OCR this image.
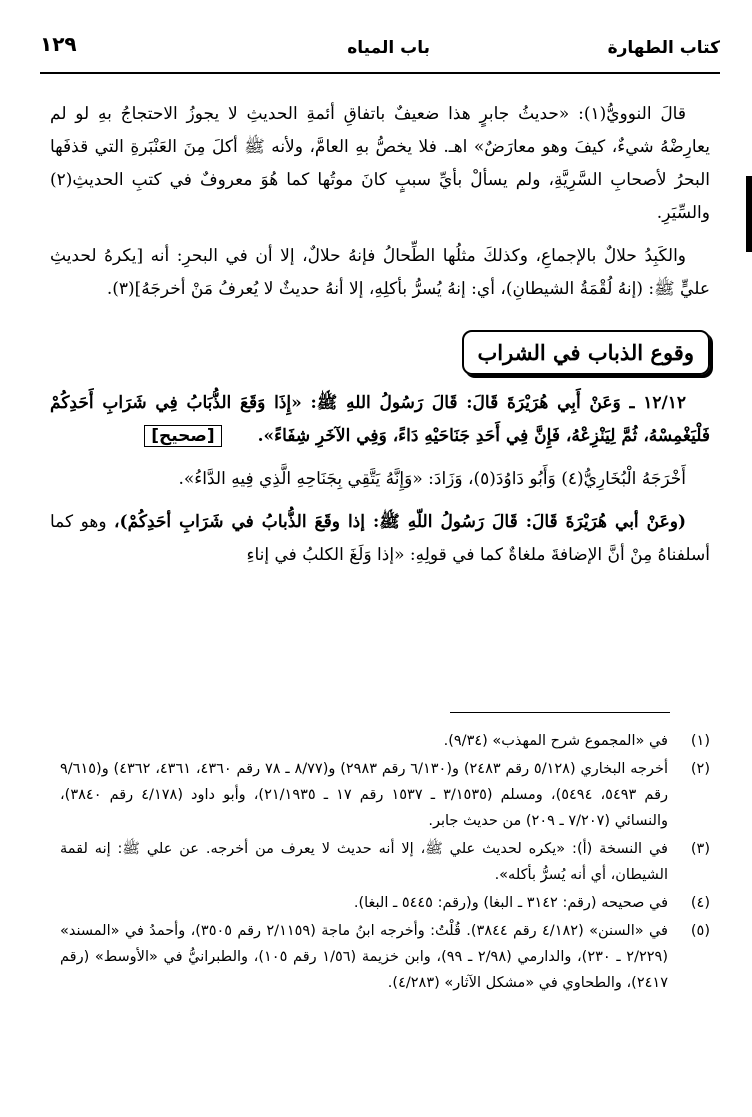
كتاب الطهارة
باب المياه
١٢٩

قالَ النوويُّ(١): «حديثُ جابرٍ هذا ضعيفٌ باتفاقِ أئمةِ الحديثِ لا يجوزُ الاحتجاجُ بهِ لو لم يعارِضْهُ شيءٌ، كيفَ وهو معارَضٌ» اهـ. فلا يخصُّ بهِ العامَّ، ولأنه ﷺ أكلَ مِنَ العَنْبَرةِ التي قذفَها البحرُ لأصحابِ السَّرِيَّةِ، ولم يسألْ بأيِّ سببٍ كانَ موتُها كما هُوَ معروفٌ في كتبِ الحديثِ(٢) والسِّيَرِ.

والكَبِدُ حلالٌ بالإجماعِ، وكذلكَ مثلُها الطِّحالُ فإنهُ حلالٌ، إلا أن في البحرِ: أنه [يكرهُ لحديثِ عليٍّ ﷺ: (إنهُ لُقْمَةُ الشيطانِ)، أي: إنهُ يُسرُّ بأكلِهِ، إلا أنهُ حديثٌ لا يُعرفُ مَنْ أخرجَهُ](٣).

وقوع الذباب في الشراب

١٢/١٢ ـ وَعَنْ أَبِي هُرَيْرَةَ قَالَ: قَالَ رَسُولُ اللهِ ﷺ: «إِذَا وَقَعَ الذُّبَابُ فِي شَرَابِ أَحَدِكُمْ فَلْيَغْمِسْهُ، ثُمَّ لِيَنْزِعْهُ، فَإِنَّ فِي أَحَدِ جَنَاحَيْهِ دَاءً، وَفِي الآخَرِ شِفَاءً». [صحيح]

أَخْرَجَهُ الْبُخَارِيُّ(٤) وَأَبُو دَاوُدَ(٥)، وَزَادَ: «وَإِنَّهُ يَتَّقِي بِجَنَاحِهِ الَّذِي فِيهِ الدَّاءُ».

(وعَنْ أبي هُرَيْرَةَ قَالَ: قَالَ رَسُولُ اللّهِ ﷺ: إذا وقَعَ الذُّبابُ في شَرَابِ أحَدِكُمْ)، وهو كما أسلفناهُ مِنْ أنَّ الإضافةَ ملغاةٌ كما في قولِهِ: «إذا وَلَغَ الكلبُ في إناءِ

(١)
في «المجموع شرح المهذب» (٩/٣٤).
(٢)
أخرجه البخاري (٥/١٢٨ رقم ٢٤٨٣) و(٦/١٣٠ رقم ٢٩٨٣) و(٨/٧٧ ـ ٧٨ رقم ٤٣٦٠، ٤٣٦١، ٤٣٦٢) و(٩/٦١٥ رقم ٥٤٩٣، ٥٤٩٤)، ومسلم (٣/١٥٣٥ ـ ١٥٣٧ رقم ١٧ ـ ٢١/١٩٣٥)، وأبو داود (٤/١٧٨ رقم ٣٨٤٠)، والنسائي (٧/٢٠٧ ـ ٢٠٩) من حديث جابر.
(٣)
في النسخة (أ): «يكره لحديث علي ﷺ، إلا أنه حديث لا يعرف من أخرجه. عن علي ﷺ: إنه لقمة الشيطان، أي أنه يُسرُّ بأكله».
(٤)
في صحيحه (رقم: ٣١٤٢ ـ البغا) و(رقم: ٥٤٤٥ ـ البغا).
(٥)
في «السنن» (٤/١٨٢ رقم ٣٨٤٤). قُلْتُ: وأخرجه ابنُ ماجة (٢/١١٥٩ رقم ٣٥٠٥)، وأحمدُ في «المسند» (٢/٢٢٩ ـ ٢٣٠)، والدارمي (٢/٩٨ ـ ٩٩)، وابن خزيمة (١/٥٦ رقم ١٠٥)، والطبرانيُّ في «الأوسط» (رقم ٢٤١٧)، والطحاوي في «مشكل الآثار» (٤/٢٨٣).
